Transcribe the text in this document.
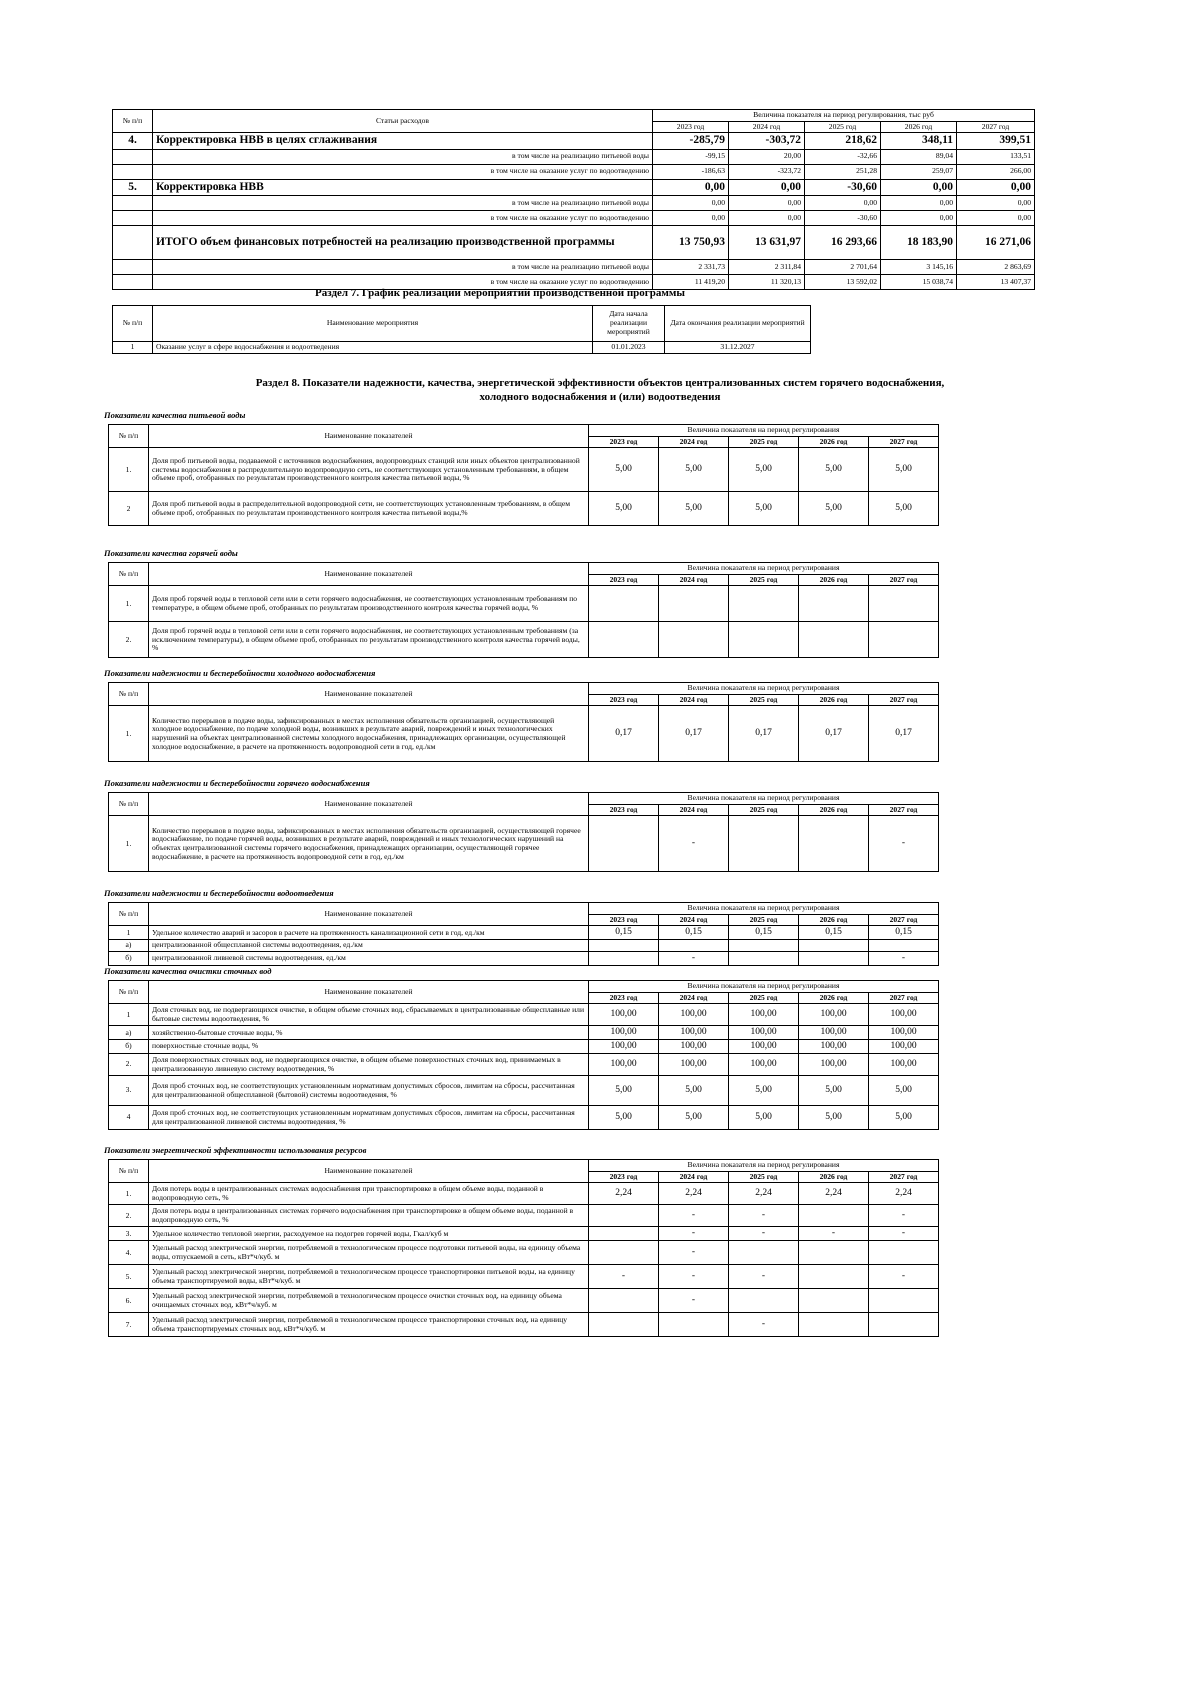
№ п/п	Статьи расходов	Величина показателя на период регулирования, тыс руб				
		2023 год	2024 год	2025 год	2026 год	2027 год
4.	Корректировка НВВ в целях сглаживания	-285,79	-303,72	218,62	348,11	399,51
	в том числе на реализацию питьевой воды	-99,15	20,00	-32,66	89,04	133,51
	в том числе на оказание услуг по водоотведению	-186,63	-323,72	251,28	259,07	266,00
5.	Корректировка НВВ	0,00	0,00	-30,60	0,00	0,00
	в том числе на реализацию питьевой воды	0,00	0,00	0,00	0,00	0,00
	в том числе на оказание услуг по водоотведению	0,00	0,00	-30,60	0,00	0,00
	ИТОГО объем финансовых потребностей на реализацию производственной программы	13 750,93	13 631,97	16 293,66	18 183,90	16 271,06
	в том числе на реализацию питьевой воды	2 331,73	2 311,84	2 701,64	3 145,16	2 863,69
	в том числе на оказание услуг по водоотведению	11 419,20	11 320,13	13 592,02	15 038,74	13 407,37
Раздел 7. График реализации мероприятий производственной программы
№ п/п	Наименование мероприятия	Дата начала реализации мероприятий	Дата окончания реализации мероприятий
1	Оказание услуг в сфере водоснабжения и водоотведения	01.01.2023	31.12.2027
Раздел 8. Показатели надежности, качества, энергетической эффективности объектов централизованных систем горячего водоснабжения,
холодного водоснабжения и (или) водоотведения
Показатели качества питьевой воды
№ п/п	Наименование показателей	Величина показателя на период регулирования				
		2023 год	2024 год	2025 год	2026 год	2027 год
1.	Доля проб питьевой воды, подаваемой с источников водоснабжения, водопроводных станций или иных объектов централизованной системы водоснабжения в распределительную водопроводную сеть, не соответствующих установленным требованиям, в общем объеме проб, отобранных по результатам производственного контроля качества питьевой воды, %	5,00	5,00	5,00	5,00	5,00
2	Доля проб питьевой воды в распределительной водопроводной сети, не соответствующих установленным требованиям, в общем объеме проб, отобранных по результатам производственного контроля качества питьевой воды,%	5,00	5,00	5,00	5,00	5,00
Показатели качества горячей воды
№ п/п	Наименование показателей	Величина показателя на период регулирования				
		2023 год	2024 год	2025 год	2026 год	2027 год
1.	Доля проб горячей воды в тепловой сети или в сети горячего водоснабжения, не соответствующих установленным требованиям по температуре, в общем объеме проб, отобранных по результатам производственного контроля качества горячей воды, %					
2.	Доля проб горячей воды в тепловой сети или в сети горячего водоснабжения, не соответствующих установленным требованиям (за исключением температуры), в общем объеме проб, отобранных по результатам производственного контроля качества горячей воды, %					
Показатели надежности и бесперебойности холодного водоснабжения
№ п/п	Наименование показателей	Величина показателя на период регулирования				
		2023 год	2024 год	2025 год	2026 год	2027 год
1.	Количество перерывов в подаче воды, зафиксированных в местах исполнения обязательств организацией, осуществляющей холодное водоснабжение, по подаче холодной воды, возникших в результате аварий, повреждений и иных технологических нарушений на объектах централизованной системы холодного водоснабжения, принадлежащих организации, осуществляющей холодное водоснабжение, в расчете на протяженность водопроводной сети в год, ед./км	0,17	0,17	0,17	0,17	0,17
Показатели надежности и бесперебойности горячего водоснабжения
№ п/п	Наименование показателей	Величина показателя на период регулирования				
		2023 год	2024 год	2025 год	2026 год	2027 год
1.	Количество перерывов в подаче воды, зафиксированных в местах исполнения обязательств организацией, осуществляющей горячее водоснабжение, по подаче горячей воды, возникших в результате аварий, повреждений и иных технологических нарушений на объектах централизованной системы горячего водоснабжения, принадлежащих организации, осуществляющей горячее водоснабжение, в расчете на протяженность водопроводной сети в год, ед./км		-			-
Показатели надежности и бесперебойности водоотведения
№ п/п	Наименование показателей	Величина показателя на период регулирования				
		2023 год	2024 год	2025 год	2026 год	2027 год
1	Удельное количество аварий и засоров в расчете на протяженность канализационной сети в год, ед./км	0,15	0,15	0,15	0,15	0,15
а)	централизованной общесплавной системы водоотведения, ед./км					
б)	централизованной ливневой системы водоотведения, ед./км		-			-
Показатели качества очистки сточных вод
№ п/п	Наименование показателей	Величина показателя на период регулирования				
		2023 год	2024 год	2025 год	2026 год	2027 год
1	Доля сточных вод, не подвергающихся очистке, в общем объеме сточных вод, сбрасываемых в централизованные общесплавные или бытовые системы водоотведения, %	100,00	100,00	100,00	100,00	100,00
а)	хозяйственно-бытовые сточные воды, %	100,00	100,00	100,00	100,00	100,00
б)	поверхностные сточные воды, %	100,00	100,00	100,00	100,00	100,00
2.	Доля поверхностных сточных вод, не подвергающихся очистке, в общем объеме поверхностных сточных вод, принимаемых в централизованную ливневую систему водоотведения, %	100,00	100,00	100,00	100,00	100,00
3.	Доля проб сточных вод, не соответствующих установленным нормативам допустимых сбросов, лимитам на сбросы, рассчитанная для централизованной общесплавной (бытовой) системы водоотведения, %	5,00	5,00	5,00	5,00	5,00
4	Доля проб сточных вод, не соответствующих установленным нормативам допустимых сбросов, лимитам на сбросы, рассчитанная для централизованной ливневой системы водоотведения, %	5,00	5,00	5,00	5,00	5,00
Показатели энергетической эффективности использования ресурсов
№ п/п	Наименование показателей	Величина показателя на период регулирования				
		2023 год	2024 год	2025 год	2026 год	2027 год
1.	Доля потерь воды в централизованных системах водоснабжения при транспортировке в общем объеме воды, поданной в водопроводную сеть, %	2,24	2,24	2,24	2,24	2,24
2.	Доля потерь воды в централизованных системах горячего водоснабжения при транспортировке в общем объеме воды, поданной в водопроводную сеть, %		-	-		-
3.	Удельное количество тепловой энергии, расходуемое на подогрев горячей воды, Гкал/куб м		-	-	-	-
4.	Удельный расход электрической энергии, потребляемой в технологическом процессе подготовки питьевой воды, на единицу объема воды, отпускаемой в сеть, кВт*ч/куб. м		-			
5.	Удельный расход электрической энергии, потребляемой в технологическом процессе транспортировки питьевой воды, на единицу объема транспортируемой воды, кВт*ч/куб. м	-	-	-		-
6.	Удельный расход электрической энергии, потребляемой в технологическом процессе очистки сточных вод, на единицу объема очищаемых сточных вод, кВт*ч/куб. м		-			
7.	Удельный расход электрической энергии, потребляемой в технологическом процессе транспортировки сточных вод, на единицу объема транспортируемых сточных вод, кВт*ч/куб. м			-		
